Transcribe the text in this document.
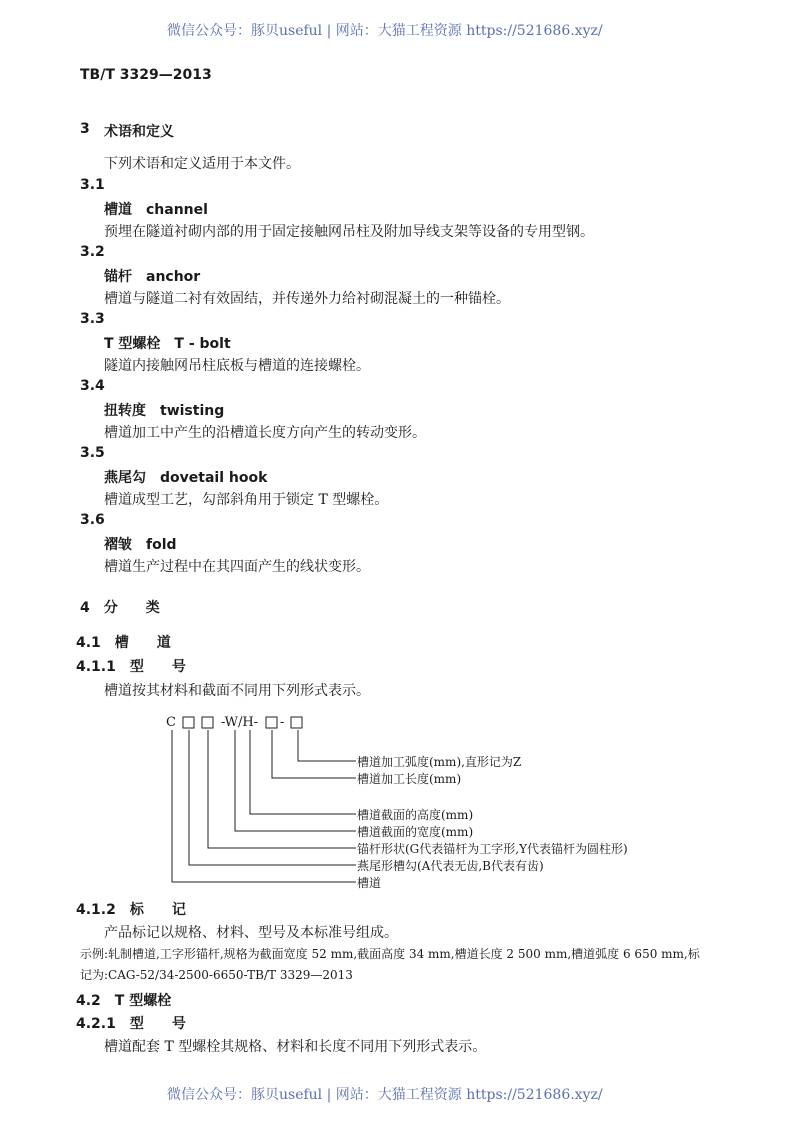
微信公众号：豚贝useful | 网站：大猫工程资源 https://521686.xyz/
TB/T 3329—2013
3 术语和定义
下列术语和定义适用于本文件。
3.1
槽道　channel
预埋在隧道衬砌内部的用于固定接触网吊柱及附加导线支架等设备的专用型钢。
3.2
锚杆　anchor
槽道与隧道二衬有效固结，并传递外力给衬砌混凝土的一种锚栓。
3.3
T 型螺栓　T - bolt
隧道内接触网吊柱底板与槽道的连接螺栓。
3.4
扭转度　twisting
槽道加工中产生的沿槽道长度方向产生的转动变形。
3.5
燕尾勾　dovetail hook
槽道成型工艺，勾部斜角用于锁定 T 型螺栓。
3.6
褶皱　fold
槽道生产过程中在其四面产生的线状变形。
4　分　　类
4.1　槽　　道
4.1.1　型　　号
槽道按其材料和截面不同用下列形式表示。
C	-W/H- -
槽道加工弧度(mm),直形记为Z
槽道加工长度(mm)
槽道截面的高度(mm)
槽道截面的宽度(mm)
锚杆形状(G代表锚杆为工字形,Y代表锚杆为圆柱形)
燕尾形槽勾(A代表无齿,B代表有齿)
槽道
4.1.2　标　　记
产品标记以规格、材料、型号及本标准号组成。
示例:轧制槽道,工字形锚杆,规格为截面宽度 52 mm,截面高度 34 mm,槽道长度 2 500 mm,槽道弧度 6 650 mm,标
记为:CAG-52/34-2500-6650-TB/T 3329—2013
4.2　T 型螺栓
4.2.1　型　　号
槽道配套 T 型螺栓其规格、材料和长度不同用下列形式表示。
微信公众号：豚贝useful | 网站：大猫工程资源 https://521686.xyz/
